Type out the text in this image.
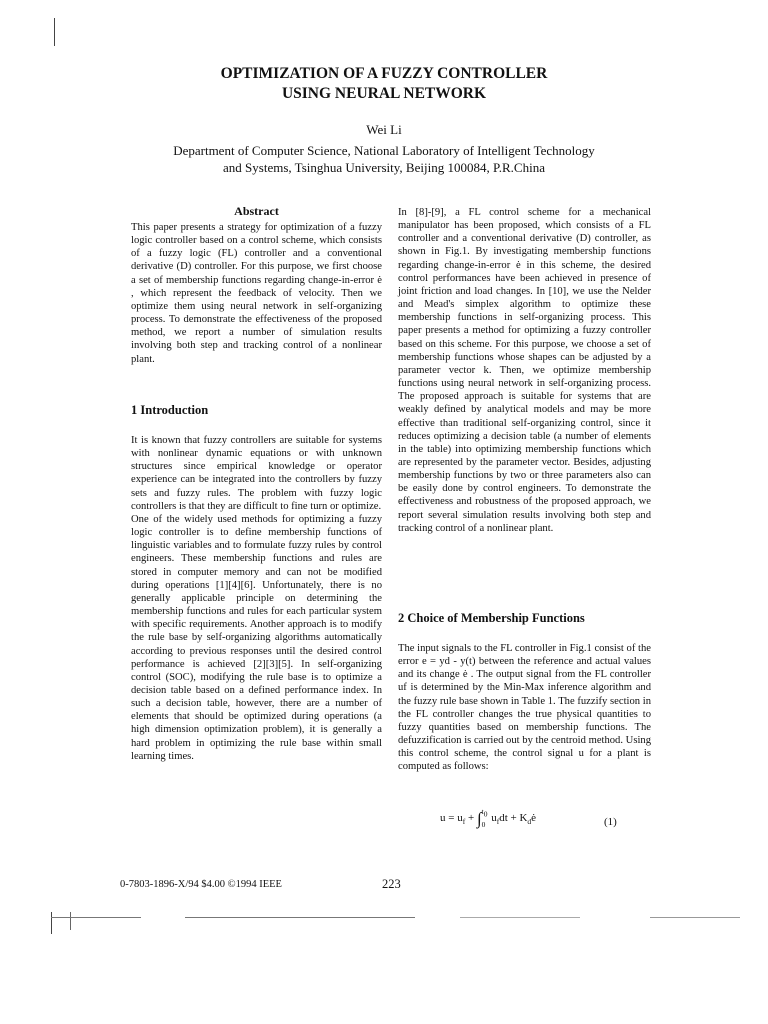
OPTIMIZATION OF A FUZZY CONTROLLER
USING NEURAL NETWORK
Wei Li
Department of Computer Science, National Laboratory of Intelligent Technology
and Systems, Tsinghua University, Beijing 100084, P.R.China
Abstract

This paper presents a strategy for optimization of a fuzzy logic controller based on a control scheme, which consists of a fuzzy logic (FL) controller and a conventional derivative (D) controller. For this purpose, we first choose a set of membership functions regarding change-in-error ė , which represent the feedback of velocity. Then we optimize them using neural network in self-organizing process. To demonstrate the effectiveness of the proposed method, we report a number of simulation results involving both step and tracking control of a nonlinear plant.

1 Introduction

It is known that fuzzy controllers are suitable for systems with nonlinear dynamic equations or with unknown structures since empirical knowledge or operator experience can be integrated into the controllers by fuzzy sets and fuzzy rules. The problem with fuzzy logic controllers is that they are difficult to fine turn or optimize.

One of the widely used methods for optimizing a fuzzy logic controller is to define membership functions of linguistic variables and to formulate fuzzy rules by control engineers. These membership functions and rules are stored in computer memory and can not be modified during operations [1][4][6]. Unfortunately, there is no generally applicable principle on determining the membership functions and rules for each particular system with specific requirements. Another approach is to modify the rule base by self-organizing algorithms automatically according to previous responses until the desired control performance is achieved [2][3][5]. In self-organizing control (SOC), modifying the rule base is to optimize a decision table based on a defined performance index. In such a decision table, however, there are a number of elements that should be optimized during operations (a high dimension optimization problem), it is generally a hard problem in optimizing the rule base within small learning times.

In [8]-[9], a FL control scheme for a mechanical manipulator has been proposed, which consists of a FL controller and a conventional derivative (D) controller, as shown in Fig.1. By investigating membership functions regarding change-in-error ė in this scheme, the desired control performances have been achieved in presence of joint friction and load changes. In [10], we use the Nelder and Mead's simplex algorithm to optimize these membership functions in self-organizing process. This paper presents a method for optimizing a fuzzy controller based on this scheme. For this purpose, we choose a set of membership functions whose shapes can be adjusted by a parameter vector k. Then, we optimize membership functions using neural network in self-organizing process. The proposed approach is suitable for systems that are weakly defined by analytical models and may be more effective than traditional self-organizing control, since it reduces optimizing a decision table (a number of elements in the table) into optimizing membership functions which are represented by the parameter vector. Besides, adjusting membership functions by two or three parameters also can be easily done by control engineers. To demonstrate the effectiveness and robustness of the proposed approach, we report several simulation results involving both step and tracking control of a nonlinear plant.

2 Choice of Membership Functions

The input signals to the FL controller in Fig.1 consist of the error e = yd - y(t) between the reference and actual values and its change ė . The output signal from the FL controller uf is determined by the Min-Max inference algorithm and the fuzzy rule base shown in Table 1. The fuzzify section in the FL controller changes the true physical quantities to fuzzy quantities based on membership functions. The defuzzification is carried out by the centroid method. Using this control scheme, the control signal u for a plant is computed as follows:

$u = u_f$ + ∫ $t_0$
0
$u_fdt$ + $K_dė$	(1)
0-7803-1896-X/94 $4.00 ©1994 IEEE	223
